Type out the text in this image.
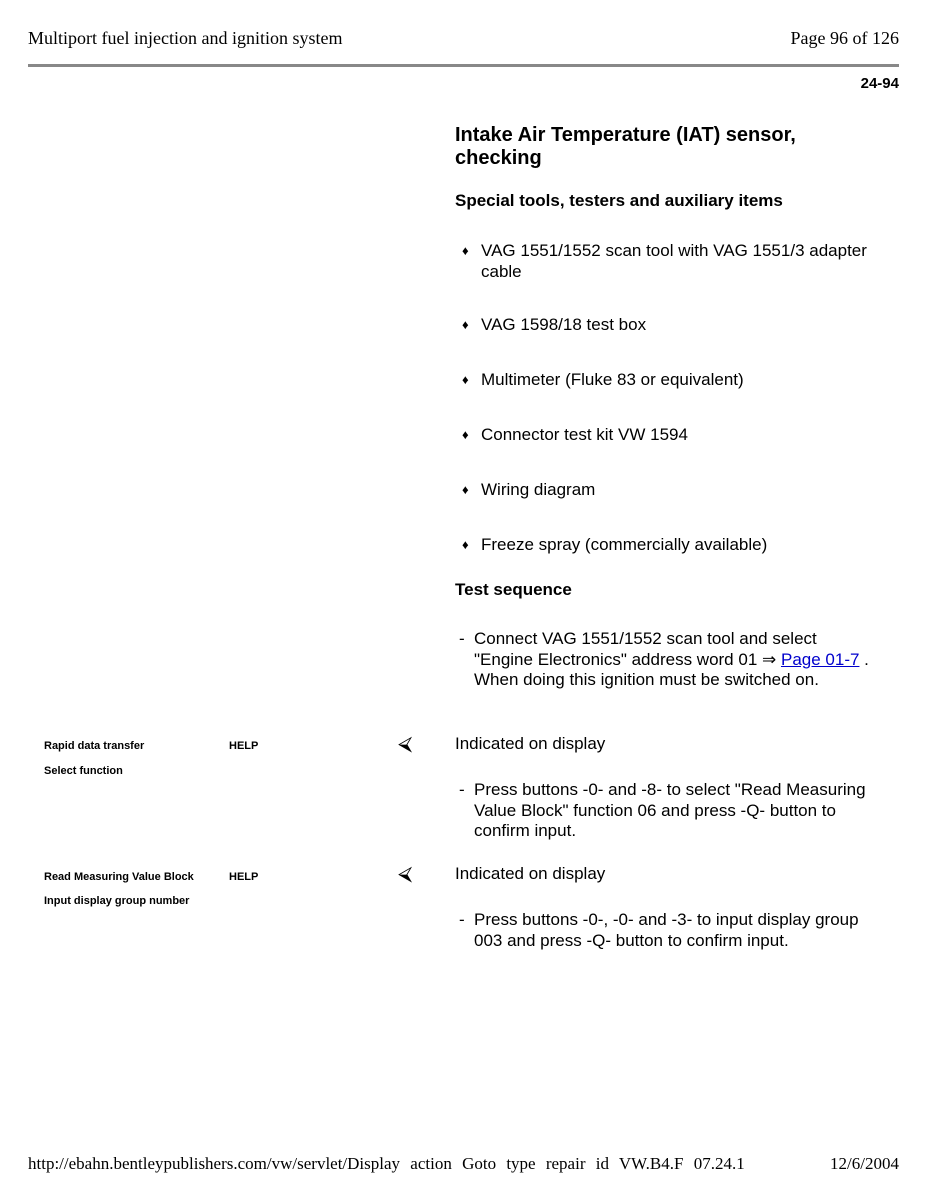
Multiport fuel injection and ignition system	Page 96 of 126
24-94
Intake Air Temperature (IAT) sensor, checking
Special tools, testers and auxiliary items
♦ VAG 1551/1552 scan tool with VAG 1551/3 adapter cable
♦ VAG 1598/18 test box
♦ Multimeter (Fluke 83 or equivalent)
♦ Connector test kit VW 1594
♦ Wiring diagram
♦ Freeze spray (commercially available)
Test sequence
- Connect VAG 1551/1552 scan tool and select "Engine Electronics" address word 01 ⇒ Page 01-7 . When doing this ignition must be switched on.
⮘	Indicated on display
Rapid data transfer	HELP
Select function
- Press buttons -0- and -8- to select "Read Measuring Value Block" function 06 and press -Q- button to confirm input.
⮘	Indicated on display
Read Measuring Value Block	HELP
Input display group number
- Press buttons -0-, -0- and -3- to input display group 003 and press -Q- button to confirm input.
http://ebahn.bentleypublishers.com/vw/servlet/Display action Goto type repair id VW.B4.F 07.24.1	12/6/2004
